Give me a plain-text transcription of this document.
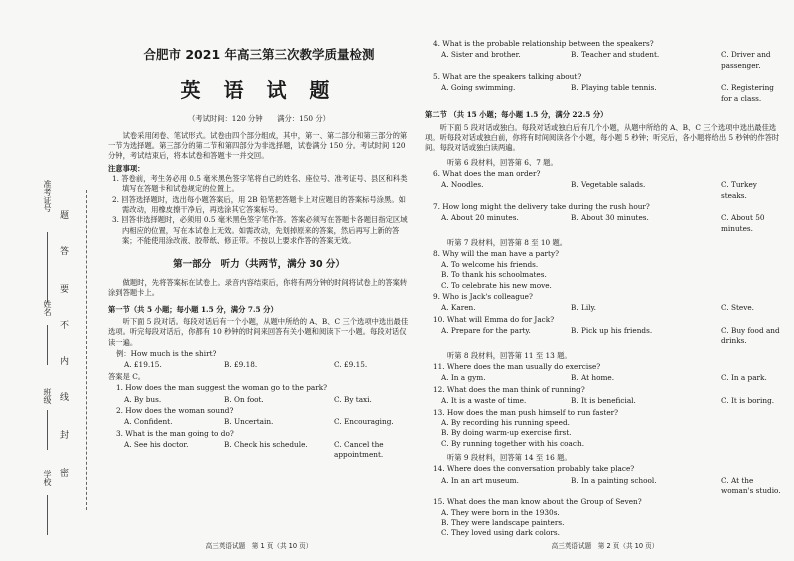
准考证号
姓名
班级
学校
题
答
要
不
内
线
封
密
合肥市 2021 年高三第三次教学质量检测
英 语 试 题
（考试时间：120 分钟　　满分：150 分）

试卷采用闭卷、笔试形式。试卷由四个部分组成，其中，第一、第二部分和第三部分的第一节为选择题。第三部分的第二节和第四部分为非选择题，试卷满分 150 分。考试时间 120 分钟，考试结束后，将本试卷和答题卡一并交回。

注意事项：

1. 答卷前，考生务必用 0.5 毫米黑色签字笔将自己的姓名、座位号、准考证号、县区和科类填写在答题卡和试卷规定的位置上。

2. 回答选择题时，选出每小题答案后，用 2B 铅笔把答题卡上对应题目的答案标号涂黑。如需改动，用橡皮擦干净后，再选涂其它答案标号。

3. 回答非选择题时，必须用 0.5 毫米黑色签字笔作答。答案必须写在答题卡各题目指定区域内相应的位置，写在本试卷上无效。如需改动，先划掉原来的答案，然后再写上新的答案；不能使用涂改液、胶带纸、修正带。不按以上要求作答的答案无效。

第一部分　听力（共两节，满分 30 分）

做题时，先将答案标在试卷上。录音内容结束后，你将有两分钟的时间将试卷上的答案转涂到答题卡上。

第一节（共 5 小题；每小题 1.5 分，满分 7.5 分）

听下面 5 段对话。每段对话后有一个小题，从题中所给的 A、B、C 三个选项中选出最佳选项。听完每段对话后，你都有 10 秒钟的时间来回答有关小题和阅读下一小题。每段对话仅读一遍。

例：How much is the shirt?
A. £19.15.	B. £9.18.	C. £9.15.
答案是 C。
1. How does the man suggest the woman go to the park?
A. By bus.	B. On foot.	C. By taxi.
2. How does the woman sound?
A. Confident.	B. Uncertain.	C. Encouraging.
3. What is the man going to do?
A. See his doctor.	B. Check his schedule.	C. Cancel the appointment.
高三英语试题　第 1 页（共 10 页）
4. What is the probable relationship between the speakers?
A. Sister and brother.	B. Teacher and student.	C. Driver and passenger.
5. What are the speakers talking about?
A. Going swimming.	B. Playing table tennis.	C. Registering for a class.
第二节 （共 15 小题；每小题 1.5 分，满分 22.5 分）

听下面 5 段对话或独白。每段对话或独白后有几个小题，从题中所给的 A、B、C 三个选项中选出最佳选项。听每段对话或独白前，你将有时间阅读各个小题，每小题 5 秒钟；听完后，各小题将给出 5 秒钟的作答时间。每段对话或独白读两遍。

听第 6 段材料，回答第 6、7 题。
6. What does the man order?
A. Noodles.	B. Vegetable salads.	C. Turkey steaks.
7. How long might the delivery take during the rush hour?
A. About 20 minutes.	B. About 30 minutes.	C. About 50 minutes.
听第 7 段材料，回答第 8 至 10 题。
8. Why will the man have a party?
A. To welcome his friends.
B. To thank his schoolmates.
C. To celebrate his new move.
9. Who is Jack's colleague?
A. Karen.	B. Lily.	C. Steve.
10. What will Emma do for Jack?
A. Prepare for the party.	B. Pick up his friends.	C. Buy food and drinks.
听第 8 段材料，回答第 11 至 13 题。
11. Where does the man usually do exercise?
A. In a gym.	B. At home.	C. In a park.
12. What does the man think of running?
A. It is a waste of time.	B. It is beneficial.	C. It is boring.
13. How does the man push himself to run faster?
A. By recording his running speed.
B. By doing warm-up exercise first.
C. By running together with his coach.
听第 9 段材料，回答第 14 至 16 题。
14. Where does the conversation probably take place?
A. In an art museum.	B. In a painting school.	C. At the woman's studio.
15. What does the man know about the Group of Seven?
A. They were born in the 1930s.
B. They were landscape painters.
C. They loved using dark colors.
高三英语试题　第 2 页（共 10 页）
